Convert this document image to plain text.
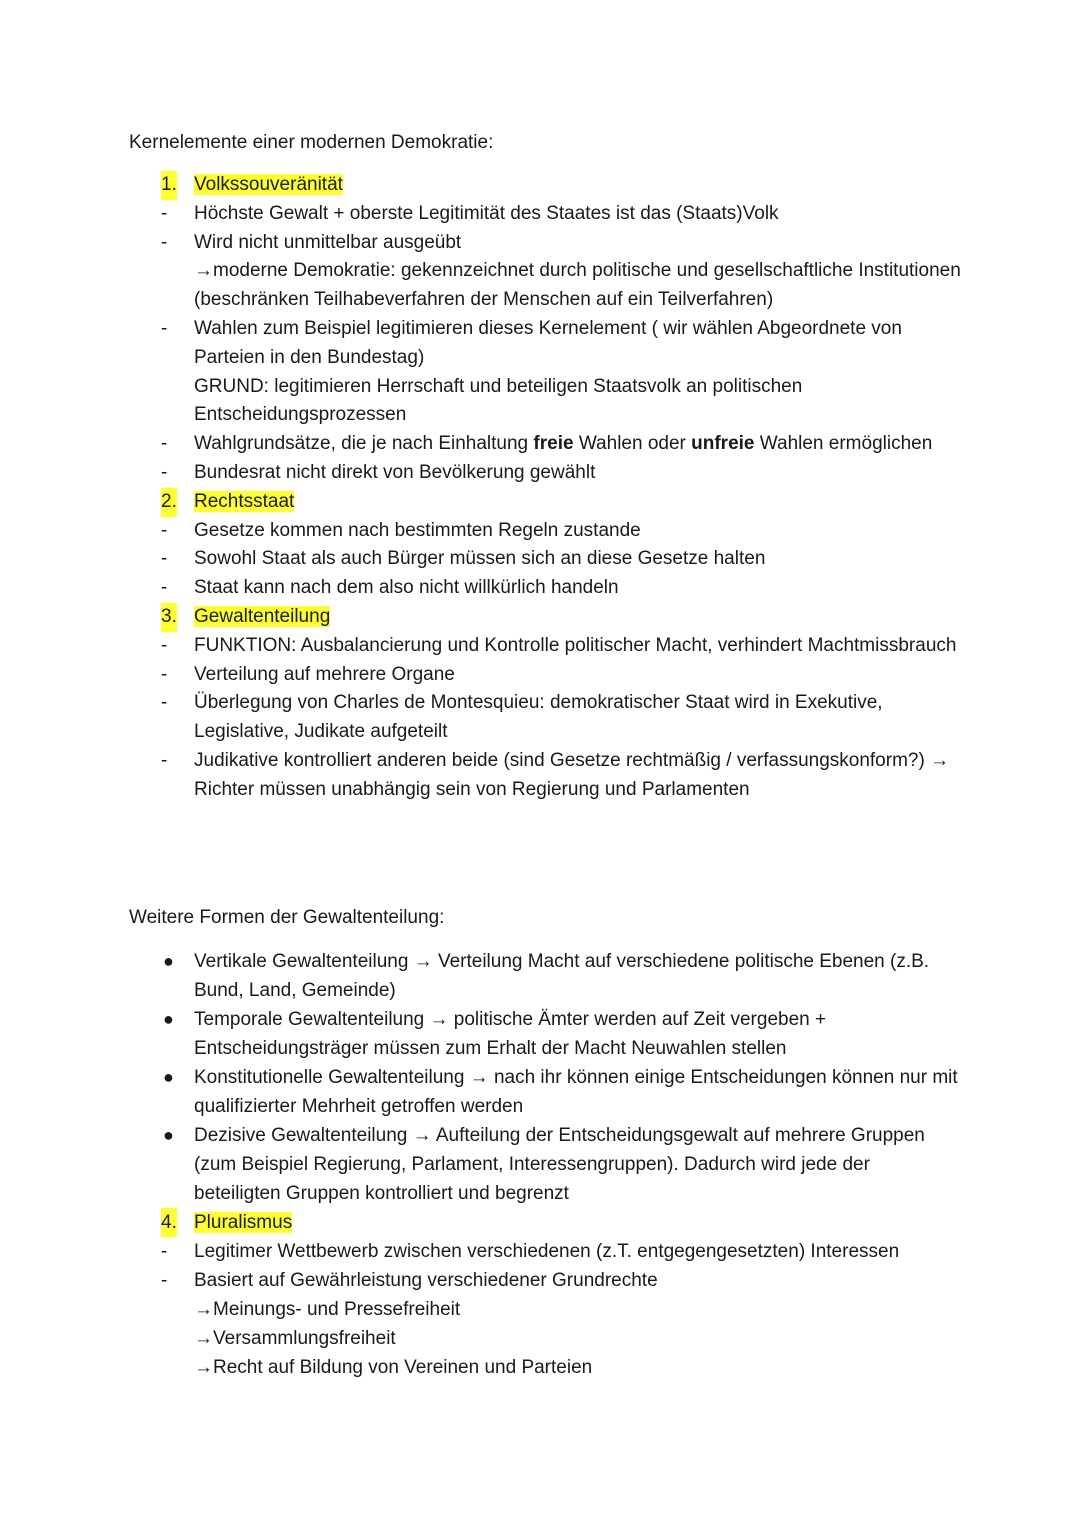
Kernelemente einer modernen Demokratie:

1. Volkssouveränität

- Höchste Gewalt + oberste Legitimität des Staates ist das (Staats)Volk

- Wird nicht unmittelbar ausgeübt
→moderne Demokratie: gekennzeichnet durch politische und gesellschaftliche Institutionen (beschränken Teilhabeverfahren der Menschen auf ein Teilverfahren)

- Wahlen zum Beispiel legitimieren dieses Kernelement ( wir wählen Abgeordnete von Parteien in den Bundestag)
GRUND: legitimieren Herrschaft und beteiligen Staatsvolk an politischen Entscheidungsprozessen

- Wahlgrundsätze, die je nach Einhaltung freie Wahlen oder unfreie Wahlen ermöglichen

- Bundesrat nicht direkt von Bevölkerung gewählt

2. Rechtsstaat

- Gesetze kommen nach bestimmten Regeln zustande

- Sowohl Staat als auch Bürger müssen sich an diese Gesetze halten

- Staat kann nach dem also nicht willkürlich handeln

3. Gewaltenteilung

- FUNKTION: Ausbalancierung und Kontrolle politischer Macht, verhindert Machtmissbrauch

- Verteilung auf mehrere Organe

- Überlegung von Charles de Montesquieu: demokratischer Staat wird in Exekutive, Legislative, Judikate aufgeteilt

- Judikative kontrolliert anderen beide (sind Gesetze rechtmäßig / verfassungskonform?) → Richter müssen unabhängig sein von Regierung und Parlamenten

Weitere Formen der Gewaltenteilung:

● Vertikale Gewaltenteilung → Verteilung Macht auf verschiedene politische Ebenen (z.B. Bund, Land, Gemeinde)

● Temporale Gewaltenteilung → politische Ämter werden auf Zeit vergeben + Entscheidungsträger müssen zum Erhalt der Macht Neuwahlen stellen

● Konstitutionelle Gewaltenteilung → nach ihr können einige Entscheidungen können nur mit qualifizierter Mehrheit getroffen werden

● Dezisive Gewaltenteilung → Aufteilung der Entscheidungsgewalt auf mehrere Gruppen (zum Beispiel Regierung, Parlament, Interessengruppen). Dadurch wird jede der beteiligten Gruppen kontrolliert und begrenzt

4. Pluralismus

- Legitimer Wettbewerb zwischen verschiedenen (z.T. entgegengesetzten) Interessen

- Basiert auf Gewährleistung verschiedener Grundrechte
→Meinungs- und Pressefreiheit
→Versammlungsfreiheit
→Recht auf Bildung von Vereinen und Parteien
